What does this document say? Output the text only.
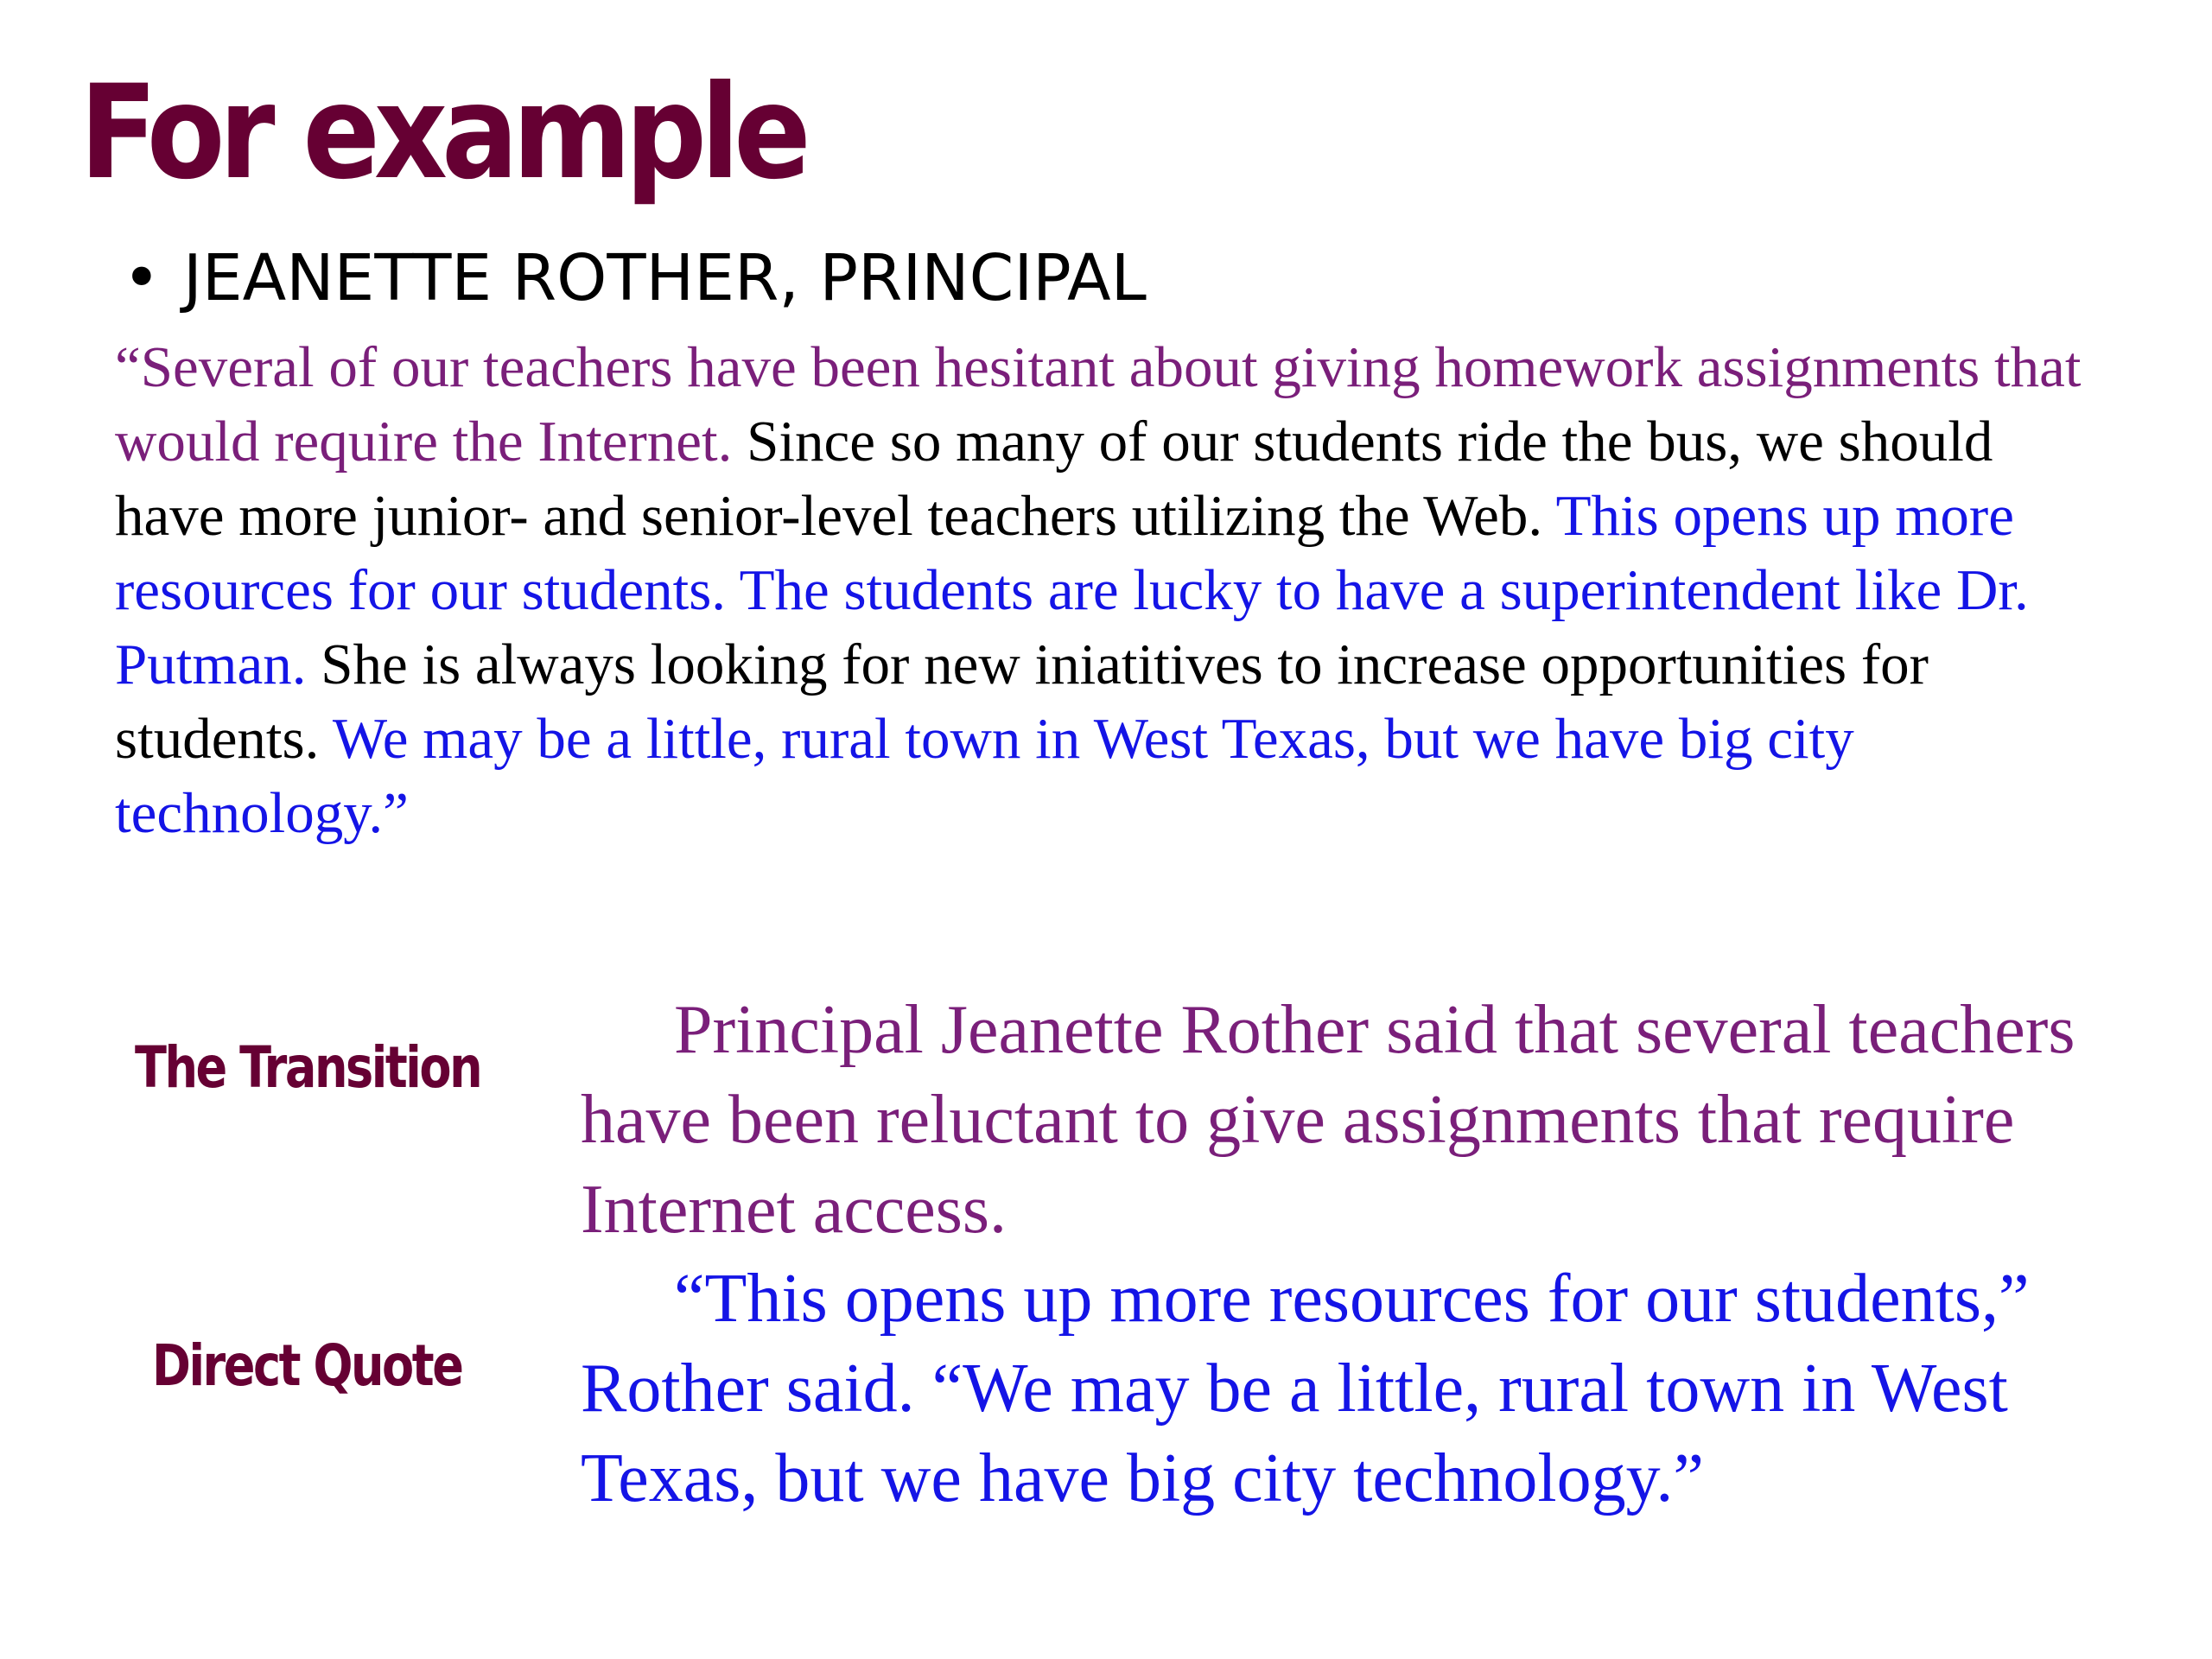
For example
• JEANETTE ROTHER, PRINCIPAL

“Several of our teachers have been hesitant about giving homework assignments that would require the Internet. Since so many of our students ride the bus, we should have more junior- and senior-level teachers utilizing the Web. This opens up more resources for our students. The students are lucky to have a superintendent like Dr. Putman. She is always looking for new iniatitives to increase opportunities for students. We may be a little, rural town in West Texas, but we have big city technology.”

The Transition	Principal Jeanette Rother said that several teachers have been reluctant to give assignments that require Internet access.

Direct Quote

“This opens up more resources for our students,” Rother said. “We may be a little, rural town in West Texas, but we have big city technology.”
